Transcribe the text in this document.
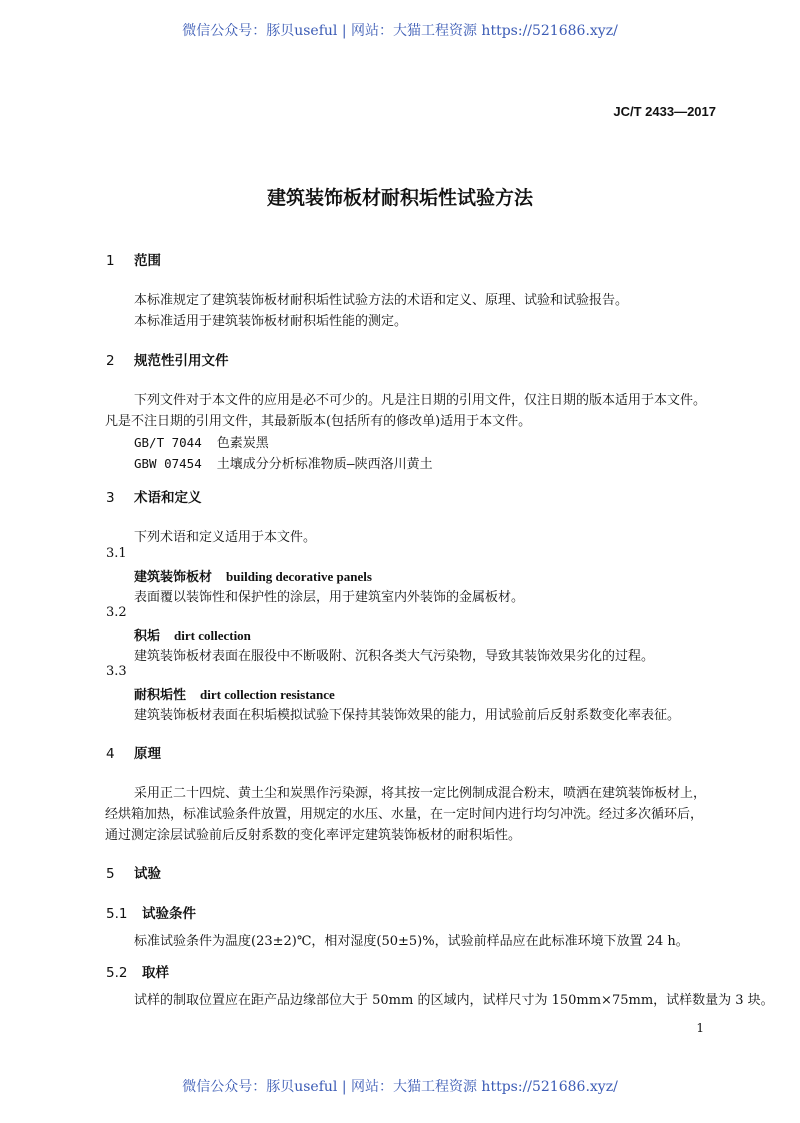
微信公众号：豚贝useful | 网站：大猫工程资源 https://521686.xyz/
JC/T 2433—2017
建筑装饰板材耐积垢性试验方法
1 范围
本标准规定了建筑装饰板材耐积垢性试验方法的术语和定义、原理、试验和试验报告。
本标准适用于建筑装饰板材耐积垢性能的测定。
2 规范性引用文件
下列文件对于本文件的应用是必不可少的。凡是注日期的引用文件，仅注日期的版本适用于本文件。
凡是不注日期的引用文件，其最新版本(包括所有的修改单)适用于本文件。
GB/T 7044 色素炭黑
GBW 07454 土壤成分分析标准物质—陕西洛川黄土
3 术语和定义
下列术语和定义适用于本文件。
3.1
建筑装饰板材 building decorative panels
表面覆以装饰性和保护性的涂层，用于建筑室内外装饰的金属板材。
3.2
积垢 dirt collection
建筑装饰板材表面在服役中不断吸附、沉积各类大气污染物，导致其装饰效果劣化的过程。
3.3
耐积垢性 dirt collection resistance
建筑装饰板材表面在积垢模拟试验下保持其装饰效果的能力，用试验前后反射系数变化率表征。
4 原理
采用正二十四烷、黄土尘和炭黑作污染源，将其按一定比例制成混合粉末，喷洒在建筑装饰板材上，
经烘箱加热，标准试验条件放置，用规定的水压、水量，在一定时间内进行均匀冲洗。经过多次循环后，
通过测定涂层试验前后反射系数的变化率评定建筑装饰板材的耐积垢性。
5 试验
5.1 试验条件
标准试验条件为温度(23±2)℃，相对湿度(50±5)%，试验前样品应在此标准环境下放置 24 h。
5.2 取样
试样的制取位置应在距产品边缘部位大于 50mm 的区域内，试样尺寸为 150mm×75mm，试样数量为 3 块。
1
微信公众号：豚贝useful | 网站：大猫工程资源 https://521686.xyz/
